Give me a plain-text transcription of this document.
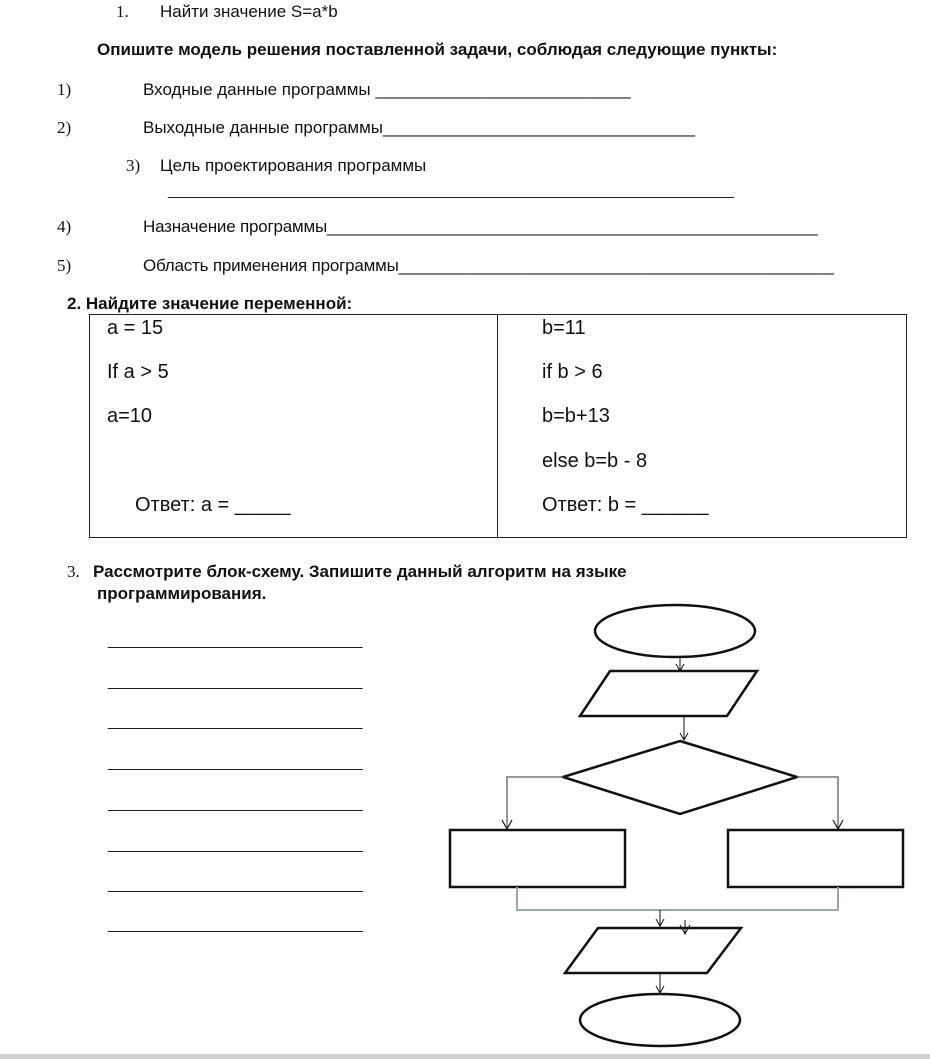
1. Найти значение S=a*b
Опишите модель решения поставленной задачи, соблюдая следующие пункты:
1)	Входные данные программы ___________________________
2)	Выходные данные программы_________________________________
3) Цель проектирования программы
_________________________________________________________________________
4)	Назначение программы_____________________________________________________
5)	Область применения программы_______________________________________________
2. Найдите значение переменной:
a = 15
If a > 5
a=10
Ответ: a = _____
b=11
if b > 6
b=b+13
else b=b - 8
Ответ: b = ______
3. Рассмотрите блок-схему. Запишите данный алгоритм на языке
программирования.
________________________________
________________________________
________________________________
________________________________
________________________________
________________________________
________________________________
________________________________
